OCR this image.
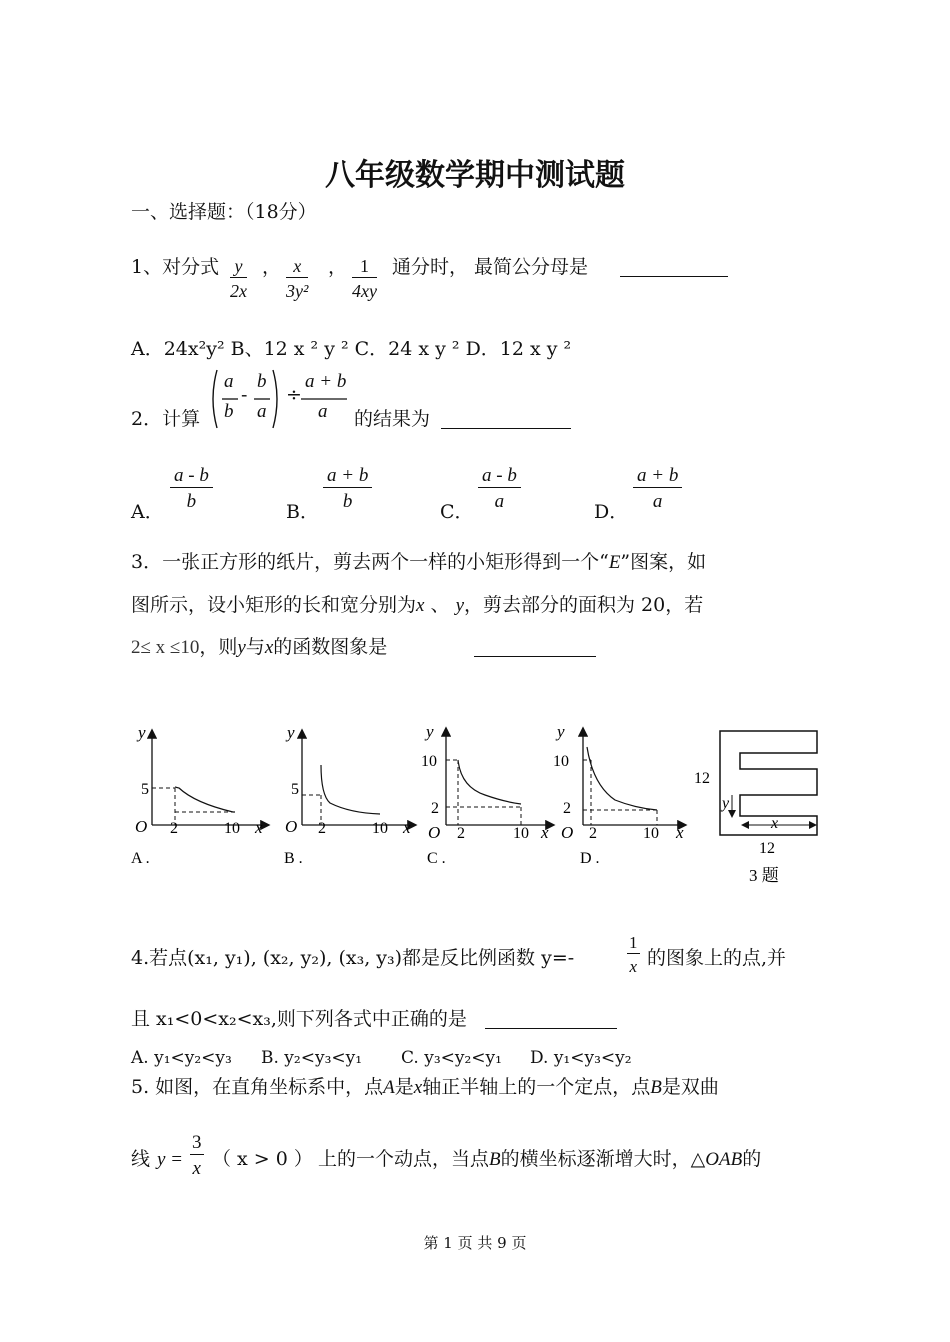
八年级数学期中测试题
一、选择题：（18分）
1、对分式 $\frac{y}{2x}$ ， $\frac{x}{\text{3y²}}$ ， $\frac{1}{4xy}$ 通分时， 最简公分母是
A．24x²y² B、12 x ² y ² C．24 x y ² D．12 x y ²
2．计算
a
b
-
b
a
÷
a + b
a 的结果为
A．
$\frac{a - b}{b}$
B．
$\frac{a + b}{b}$
C．
$\frac{a - b}{a}$
D．
$\frac{a + b}{a}$
3．一张正方形的纸片，剪去两个一样的小矩形得到一个“E”图案，如
图所示，设小矩形的长和宽分别为x 、 y，剪去部分的面积为 20，若
2≤ x ≤10，则y与x的函数图象是
y
5
O 2	10 x
A .
y
5
O 2	10 x
B .
y
10
2
O 2	10 x
C .
y
10
2
O 2	10 x
D .
12
y
x
12
3 题
4.若点(x₁, y₁), (x₂, y₂), (x₃, y₃)都是反比例函数 y=-	$\frac{1}{x}$ 的图象上的点,并
且 x₁<0<x₂<x₃,则下列各式中正确的是
A. y₁<y₂<y₃ B. y₂<y₃<y₁ C. y₃<y₂<y₁ D. y₁<y₃<y₂
5. 如图，在直角坐标系中，点A是x轴正半轴上的一个定点，点B是双曲
线 $y = \frac{3}{x}$ （ x > 0 ） 上的一个动点，当点B的横坐标逐渐增大时，△OAB的
第 1 页 共 9 页
